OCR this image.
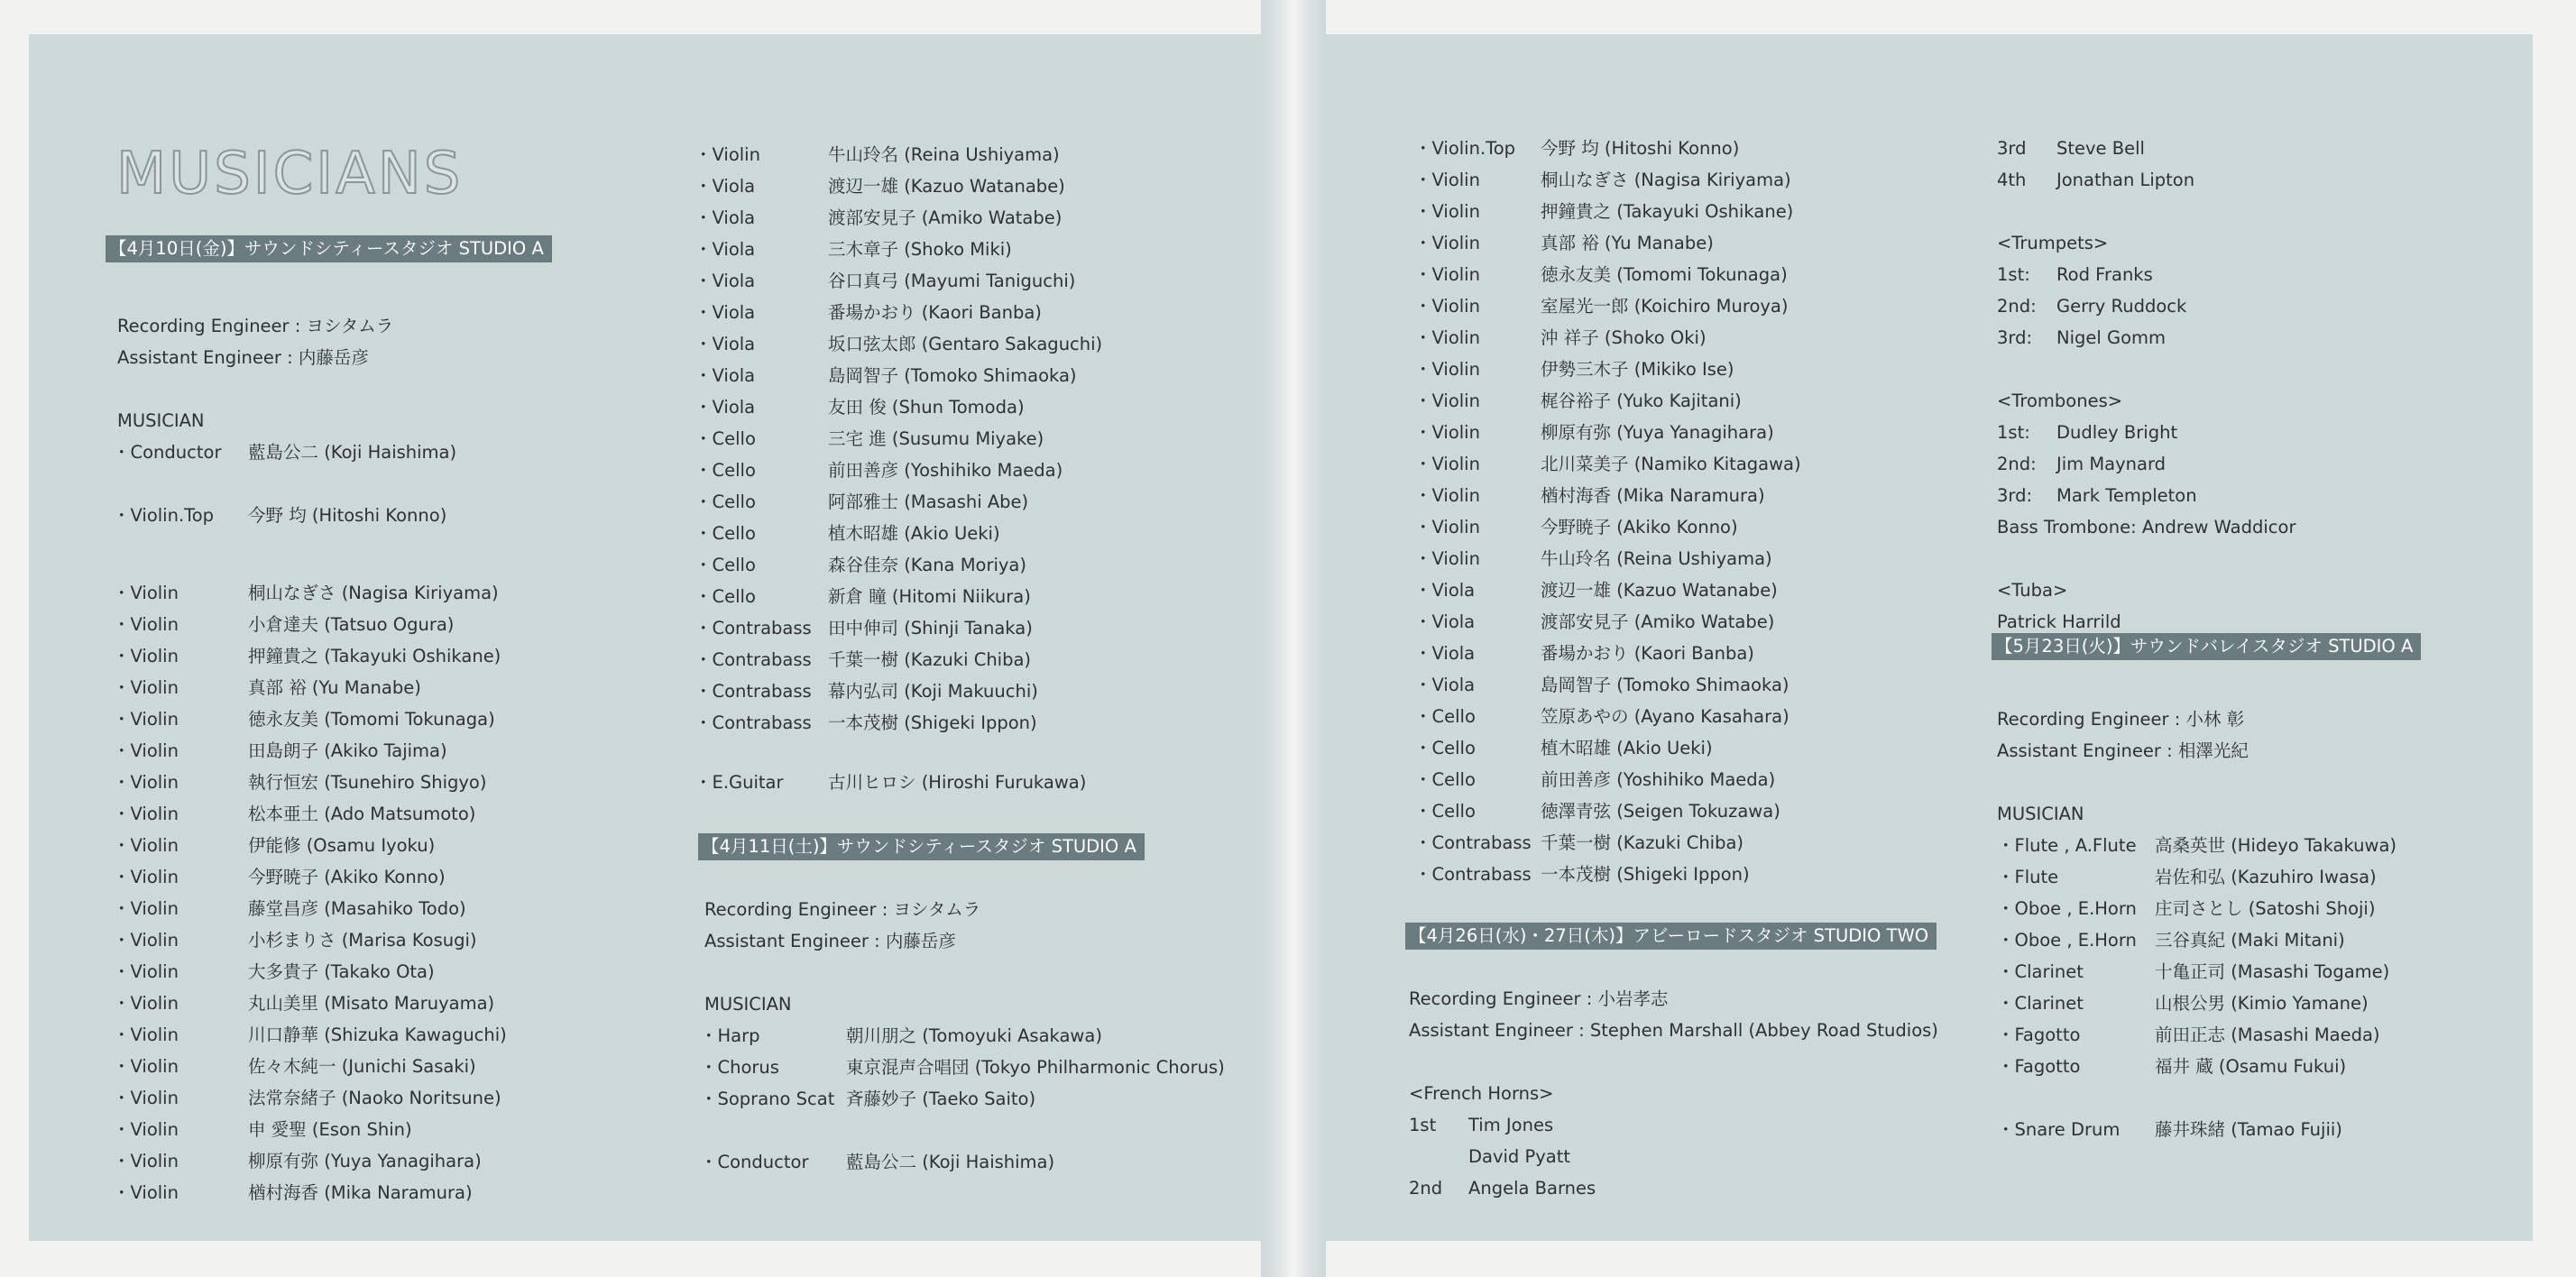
MUSICIANS
【4月10日(金)】サウンドシティースタジオ STUDIO A
Recording Engineer : ヨシタムラ
Assistant Engineer : 内藤岳彦
MUSICIAN
・Conductor 藍島公二 (Koji Haishima)
・Violin.Top 今野 均 (Hitoshi Konno)
・Violin	桐山なぎさ (Nagisa Kiriyama)
・Violin	小倉達夫 (Tatsuo Ogura)
・Violin	押鐘貴之 (Takayuki Oshikane)
・Violin	真部 裕 (Yu Manabe)
・Violin	徳永友美 (Tomomi Tokunaga)
・Violin	田島朗子 (Akiko Tajima)
・Violin	執行恒宏 (Tsunehiro Shigyo)
・Violin	松本亜土 (Ado Matsumoto)
・Violin	伊能修 (Osamu Iyoku)
・Violin	今野暁子 (Akiko Konno)
・Violin	藤堂昌彦 (Masahiko Todo)
・Violin	小杉まりさ (Marisa Kosugi)
・Violin	大多貴子 (Takako Ota)
・Violin	丸山美里 (Misato Maruyama)
・Violin	川口静華 (Shizuka Kawaguchi)
・Violin	佐々木純一 (Junichi Sasaki)
・Violin	法常奈緒子 (Naoko Noritsune)
・Violin	申 愛聖 (Eson Shin)
・Violin	柳原有弥 (Yuya Yanagihara)
・Violin	楢村海香 (Mika Naramura)
・Violin	牛山玲名 (Reina Ushiyama)
・Viola	渡辺一雄 (Kazuo Watanabe)
・Viola	渡部安見子 (Amiko Watabe)
・Viola	三木章子 (Shoko Miki)
・Viola	谷口真弓 (Mayumi Taniguchi)
・Viola	番場かおり (Kaori Banba)
・Viola	坂口弦太郎 (Gentaro Sakaguchi)
・Viola	島岡智子 (Tomoko Shimaoka)
・Viola	友田 俊 (Shun Tomoda)
・Cello	三宅 進 (Susumu Miyake)
・Cello	前田善彦 (Yoshihiko Maeda)
・Cello	阿部雅士 (Masashi Abe)
・Cello	植木昭雄 (Akio Ueki)
・Cello	森谷佳奈 (Kana Moriya)
・Cello	新倉 瞳 (Hitomi Niikura)
・Contrabass 田中伸司 (Shinji Tanaka)
・Contrabass 千葉一樹 (Kazuki Chiba)
・Contrabass 幕内弘司 (Koji Makuuchi)
・Contrabass 一本茂樹 (Shigeki Ippon)
・E.Guitar	古川ヒロシ (Hiroshi Furukawa)
【4月11日(土)】サウンドシティースタジオ STUDIO A
Recording Engineer : ヨシタムラ
Assistant Engineer : 内藤岳彦
MUSICIAN
・Harp	朝川朋之 (Tomoyuki Asakawa)
・Chorus	東京混声合唱団 (Tokyo Philharmonic Chorus)
・Soprano Scat 斉藤妙子 (Taeko Saito)
・Conductor 藍島公二 (Koji Haishima)
・Violin.Top 今野 均 (Hitoshi Konno)
・Violin	桐山なぎさ (Nagisa Kiriyama)
・Violin	押鐘貴之 (Takayuki Oshikane)
・Violin	真部 裕 (Yu Manabe)
・Violin	徳永友美 (Tomomi Tokunaga)
・Violin	室屋光一郎 (Koichiro Muroya)
・Violin	沖 祥子 (Shoko Oki)
・Violin	伊勢三木子 (Mikiko Ise)
・Violin	梶谷裕子 (Yuko Kajitani)
・Violin	柳原有弥 (Yuya Yanagihara)
・Violin	北川菜美子 (Namiko Kitagawa)
・Violin	楢村海香 (Mika Naramura)
・Violin	今野暁子 (Akiko Konno)
・Violin	牛山玲名 (Reina Ushiyama)
・Viola	渡辺一雄 (Kazuo Watanabe)
・Viola	渡部安見子 (Amiko Watabe)
・Viola	番場かおり (Kaori Banba)
・Viola	島岡智子 (Tomoko Shimaoka)
・Cello	笠原あやの (Ayano Kasahara)
・Cello	植木昭雄 (Akio Ueki)
・Cello	前田善彦 (Yoshihiko Maeda)
・Cello	徳澤青弦 (Seigen Tokuzawa)
・Contrabass 千葉一樹 (Kazuki Chiba)
・Contrabass 一本茂樹 (Shigeki Ippon)
【4月26日(水)・27日(木)】アビーロードスタジオ STUDIO TWO
Recording Engineer : 小岩孝志
Assistant Engineer : Stephen Marshall (Abbey Road Studios)
<French Horns>
1st Tim Jones
David Pyatt
2nd Angela Barnes
3rd Steve Bell
4th Jonathan Lipton
<Trumpets>
1st: Rod Franks
2nd: Gerry Ruddock
3rd: Nigel Gomm
<Trombones>
1st: Dudley Bright
2nd: Jim Maynard
3rd: Mark Templeton
Bass Trombone: Andrew Waddicor
<Tuba>
Patrick Harrild
【5月23日(火)】サウンドバレイスタジオ STUDIO A
Recording Engineer : 小林 彰
Assistant Engineer : 相澤光紀
MUSICIAN
・Flute , A.Flute 高桑英世 (Hideyo Takakuwa)
・Flute	岩佐和弘 (Kazuhiro Iwasa)
・Oboe , E.Horn 庄司さとし (Satoshi Shoji)
・Oboe , E.Horn 三谷真紀 (Maki Mitani)
・Clarinet	十亀正司 (Masashi Togame)
・Clarinet	山根公男 (Kimio Yamane)
・Fagotto	前田正志 (Masashi Maeda)
・Fagotto	福井 蔵 (Osamu Fukui)
・Snare Drum 藤井珠緒 (Tamao Fujii)
